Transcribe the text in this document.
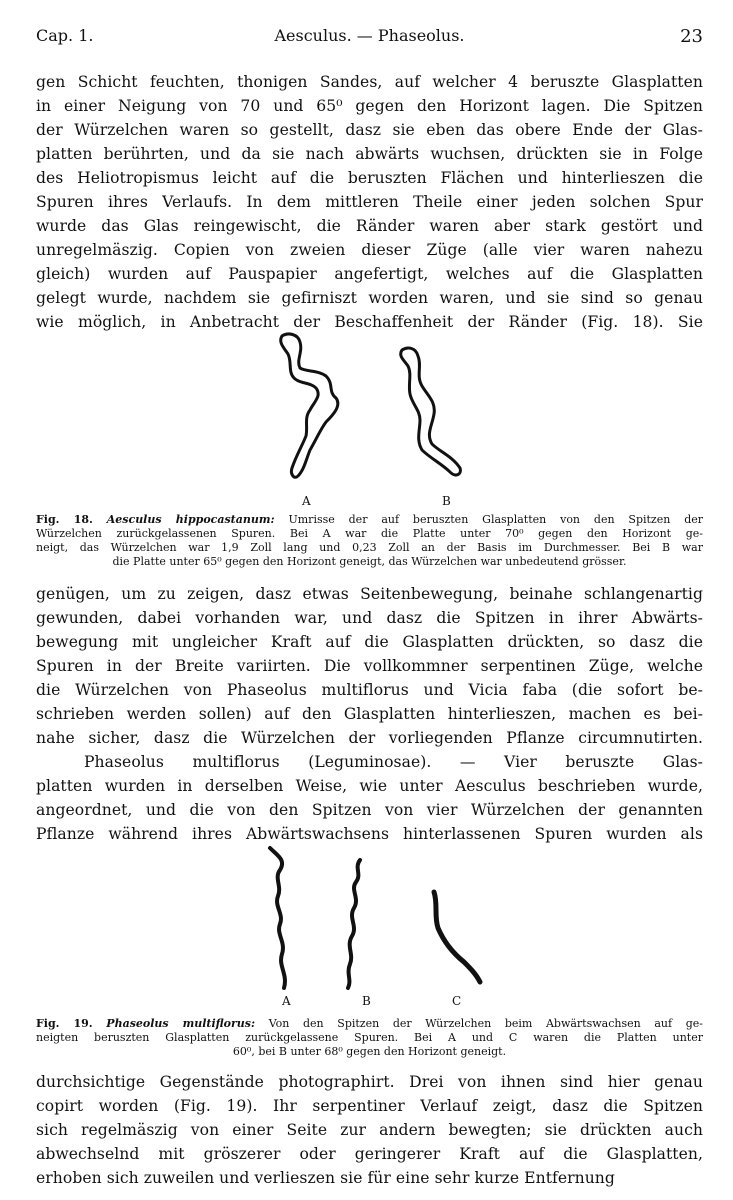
Cap. 1.	Aesculus. — Phaseolus.	23
gen Schicht feuchten, thonigen Sandes, auf welcher 4 beruszte Glasplatten
in einer Neigung von 70 und 65⁰ gegen den Horizont lagen. Die Spitzen
der Würzelchen waren so gestellt, dasz sie eben das obere Ende der Glas-
platten berührten, und da sie nach abwärts wuchsen, drückten sie in Folge
des Heliotropismus leicht auf die beruszten Flächen und hinterlieszen die
Spuren ihres Verlaufs. In dem mittleren Theile einer jeden solchen Spur
wurde das Glas reingewischt, die Ränder waren aber stark gestört und
unregelmäszig. Copien von zweien dieser Züge (alle vier waren nahezu
gleich) wurden auf Pauspapier angefertigt, welches auf die Glasplatten
gelegt wurde, nachdem sie gefirniszt worden waren, und sie sind so genau
wie möglich, in Anbetracht der Beschaffenheit der Ränder (Fig. 18). Sie
A	B
Fig. 18. Aesculus hippocastanum: Umrisse der auf beruszten Glasplatten von den Spitzen der
Würzelchen zurückgelassenen Spuren. Bei A war die Platte unter 70⁰ gegen den Horizont ge-
neigt, das Würzelchen war 1,9 Zoll lang und 0,23 Zoll an der Basis im Durchmesser. Bei B war
die Platte unter 65⁰ gegen den Horizont geneigt, das Würzelchen war unbedeutend grösser.
genügen, um zu zeigen, dasz etwas Seitenbewegung, beinahe schlangenartig
gewunden, dabei vorhanden war, und dasz die Spitzen in ihrer Abwärts-
bewegung mit ungleicher Kraft auf die Glasplatten drückten, so dasz die
Spuren in der Breite variirten. Die vollkommner serpentinen Züge, welche
die Würzelchen von Phaseolus multiflorus und Vicia faba (die sofort be-
schrieben werden sollen) auf den Glasplatten hinterlieszen, machen es bei-
nahe sicher, dasz die Würzelchen der vorliegenden Pflanze circumnutirten.
Phaseolus multiflorus (Leguminosae). — Vier beruszte Glas-
platten wurden in derselben Weise, wie unter Aesculus beschrieben wurde,
angeordnet, und die von den Spitzen von vier Würzelchen der genannten
Pflanze während ihres Abwärtswachsens hinterlassenen Spuren wurden als
A	B	C
Fig. 19. Phaseolus multiflorus: Von den Spitzen der Würzelchen beim Abwärtswachsen auf ge-
neigten beruszten Glasplatten zurückgelassene Spuren. Bei A und C waren die Platten unter
60⁰, bei B unter 68⁰ gegen den Horizont geneigt.
durchsichtige Gegenstände photographirt. Drei von ihnen sind hier genau
copirt worden (Fig. 19). Ihr serpentiner Verlauf zeigt, dasz die Spitzen
sich regelmäszig von einer Seite zur andern bewegten; sie drückten auch
abwechselnd mit gröszerer oder geringerer Kraft auf die Glasplatten,
erhoben sich zuweilen und verlieszen sie für eine sehr kurze Entfernung
